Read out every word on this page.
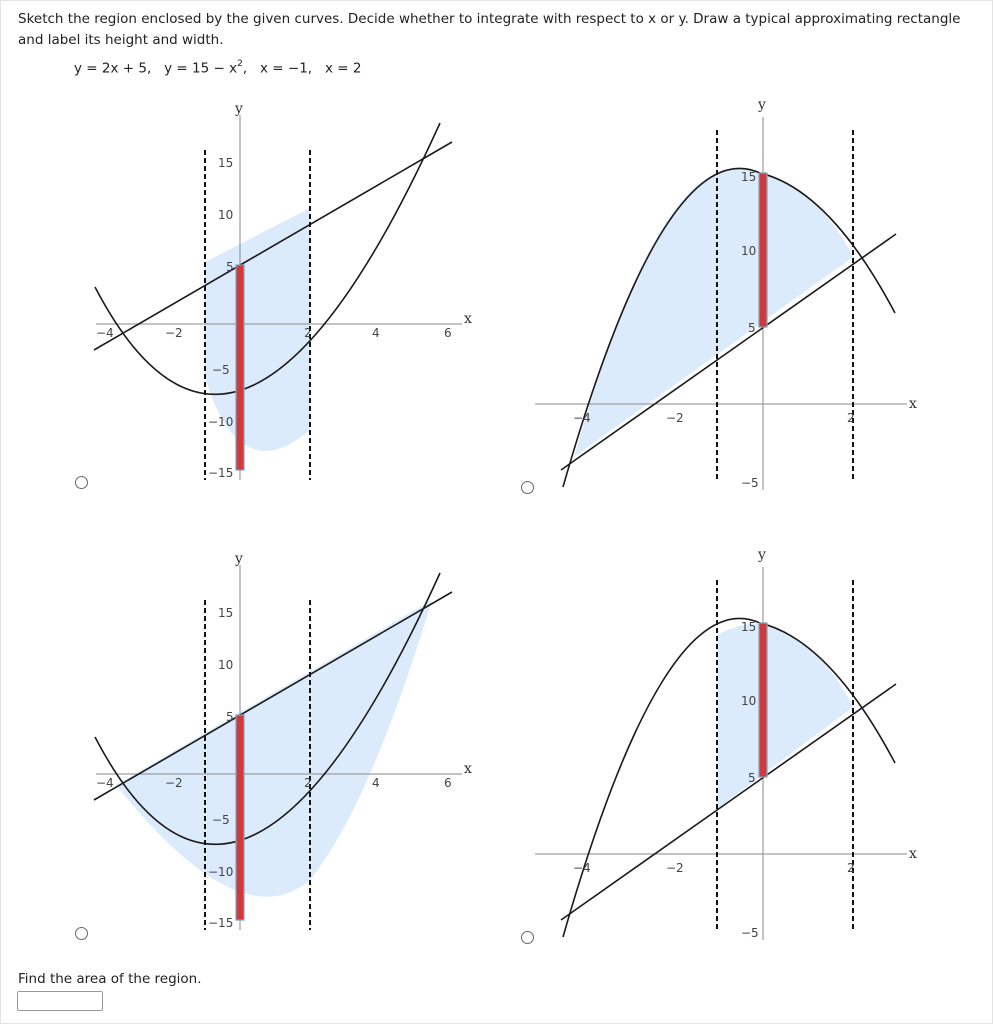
Sketch the region enclosed by the given curves. Decide whether to integrate with respect to x or y. Draw a typical approximating rectangle and label its height and width.
y = 2x + 5, $y = 15 - x^2$, x = −1, x = 2
y
x
−4	−2	2	4	6
15
10
5
−5
−10
−15
y
x
−4	−2	2
15
10
5
−5
y
x
−4	−2	2	4	6
15
10
5
−5
−10
−15
y
x
−4	−2	2
15
10
5
−5
Find the area of the region.
